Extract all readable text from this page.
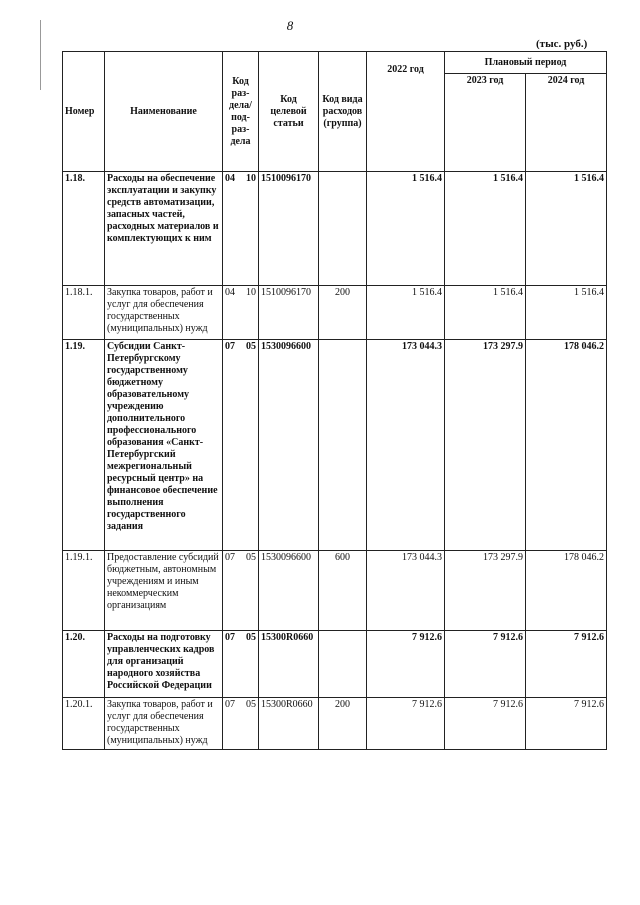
8
(тыс. руб.)
Номер	Наименование	Код раз-дела/ под-раз-дела	Код целевой статьи	Код вида расходов (группа)	2022 год	Плановый период	
						2023 год	2024 год
1.18.	Расходы на обеспечение эксплуатации и закупку средств автоматизации, запасных частей, расходных материалов и комплектующих к ним	04 10	1510096170		1 516.4	1 516.4	1 516.4
1.18.1.	Закупка товаров, работ и услуг для обеспечения государственных (муниципальных) нужд	04 10	1510096170	200	1 516.4	1 516.4	1 516.4
1.19.	Субсидии Санкт-Петербургскому государственному бюджетному образовательному учреждению дополнительного профессионального образования «Санкт-Петербургский межрегиональный ресурсный центр» на финансовое обеспечение выполнения государственного задания	07 05	1530096600		173 044.3	173 297.9	178 046.2
1.19.1.	Предоставление субсидий бюджетным, автономным учреждениям и иным некоммерческим организациям	07 05	1530096600	600	173 044.3	173 297.9	178 046.2
1.20.	Расходы на подготовку управленческих кадров для организаций народного хозяйства Российской Федерации	07 05	15300R0660		7 912.6	7 912.6	7 912.6
1.20.1.	Закупка товаров, работ и услуг для обеспечения государственных (муниципальных) нужд	07 05	15300R0660	200	7 912.6	7 912.6	7 912.6
